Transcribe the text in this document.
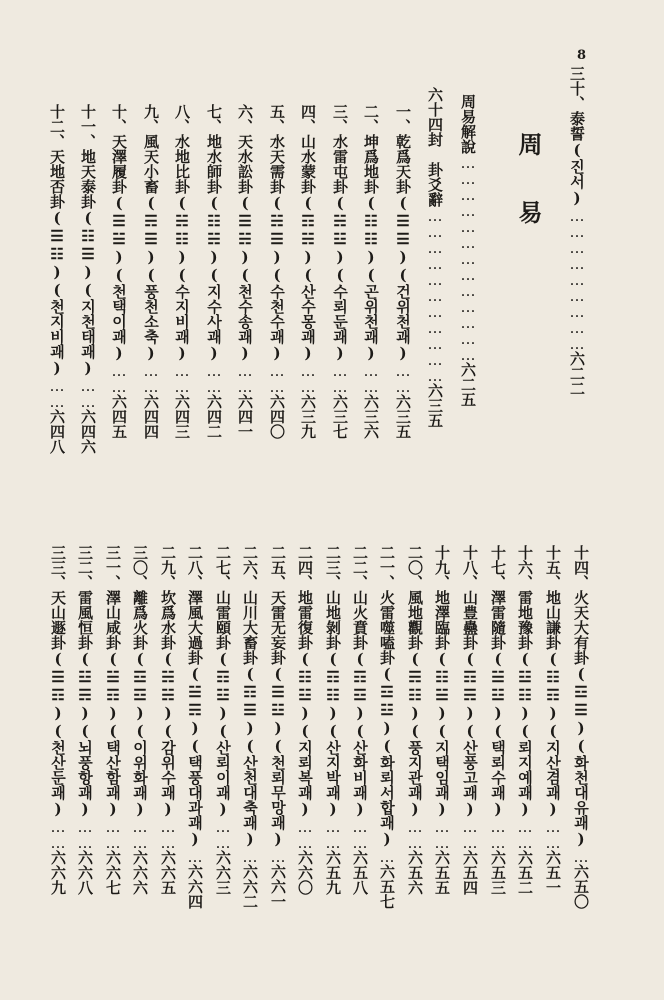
8
三十、泰誓(진서)………………………六二二
周　易
周易解說…………………………………六二五
六十四封　卦爻辭……………………………六三五
一、乾爲天卦(☰☰)(건위천괘)……六三五
二、坤爲地卦(☷☷)(곤위천괘)……六三六
三、水雷屯卦(☵☳)(수뢰둔괘)……六三七
四、山水蒙卦(☶☵)(산수몽괘)……六三九
五、水天需卦(☵☰)(수천수괘)……六四〇
六、天水訟卦(☰☵)(천수송괘)……六四一
七、地水師卦(☷☵)(지수사괘)……六四二
八、水地比卦(☵☷)(수지비괘)……六四三
九、風天小畜(☴☰)(풍천소축)……六四四
十、天澤履卦(☰☱)(천택이괘)……六四五
十一、地天泰卦(☷☰)(지천태괘)……六四六
十二、天地否卦(☰☷)(천지비괘)……六四八
十四、火天大有卦(☲☰)(화천대유괘)…六五〇
十五、地山謙卦(☷☶)(지산겸괘)……六五一
十六、雷地豫卦(☳☷)(뢰지예괘)……六五二
十七、澤雷隨卦(☱☳)(택뢰수괘)……六五三
十八、山豊蠱卦(☶☴)(산풍고괘)……六五四
十九、地澤臨卦(☷☱)(지택임괘)……六五五
二〇、風地觀卦(☴☷)(풍지관괘)……六五六
二一、火雷噬嗑卦(☲☳)(화뢰서합괘)…六五七
二二、山火賁卦(☶☲)(산화비괘)……六五八
二三、山地剝卦(☶☷)(산지박괘)……六五九
二四、地雷復卦(☷☳)(지뢰복괘)……六六〇
二五、天雷无妄卦(☰☳)(천뢰무망괘)…六六一
二六、山川大畜卦(☶☰)(산천대축괘)…六六二
二七、山雷頤卦(☶☳)(산뢰이괘)……六六三
二八、澤風大過卦(☱☴)(택풍대과괘)…六六四
二九、坎爲水卦(☵☵)(감위수괘)……六六五
三〇、離爲火卦(☲☲)(이위화괘)……六六六
三一、澤山咸卦(☱☶)(택산함괘)……六六七
三二、雷風恒卦(☳☴)(뇌풍항괘)……六六八
三三、天山遯卦(☰☶)(천산둔괘)……六六九
